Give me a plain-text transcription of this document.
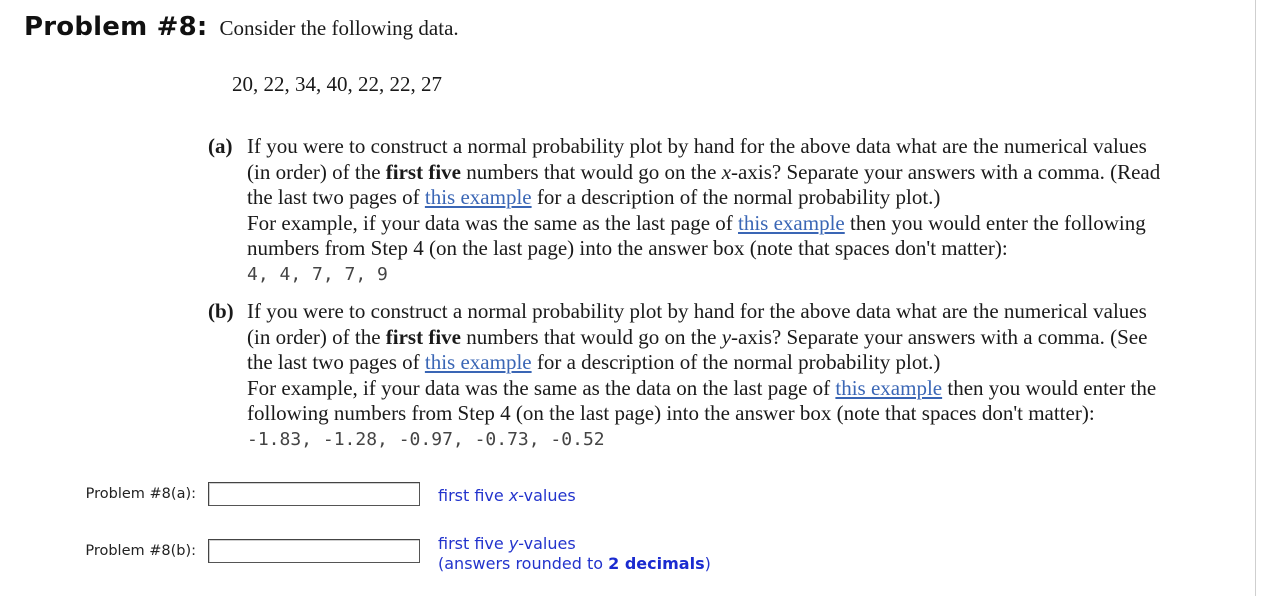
Problem #8: Consider the following data.
20, 22, 34, 40, 22, 22, 27
(a) If you were to construct a normal probability plot by hand for the above data what are the numerical values
(in order) of the first five numbers that would go on the x-axis? Separate your answers with a comma. (Read
the last two pages of this example for a description of the normal probability plot.)
For example, if your data was the same as the last page of this example then you would enter the following
numbers from Step 4 (on the last page) into the answer box (note that spaces don't matter):
4, 4, 7, 7, 9
(b) If you were to construct a normal probability plot by hand for the above data what are the numerical values
(in order) of the first five numbers that would go on the y-axis? Separate your answers with a comma. (See
the last two pages of this example for a description of the normal probability plot.)
For example, if your data was the same as the data on the last page of this example then you would enter the
following numbers from Step 4 (on the last page) into the answer box (note that spaces don't matter):
-1.83, -1.28, -0.97, -0.73, -0.52
Problem #8(a):	first five x-values
Problem #8(b):	first five y-values
(answers rounded to 2 decimals)
